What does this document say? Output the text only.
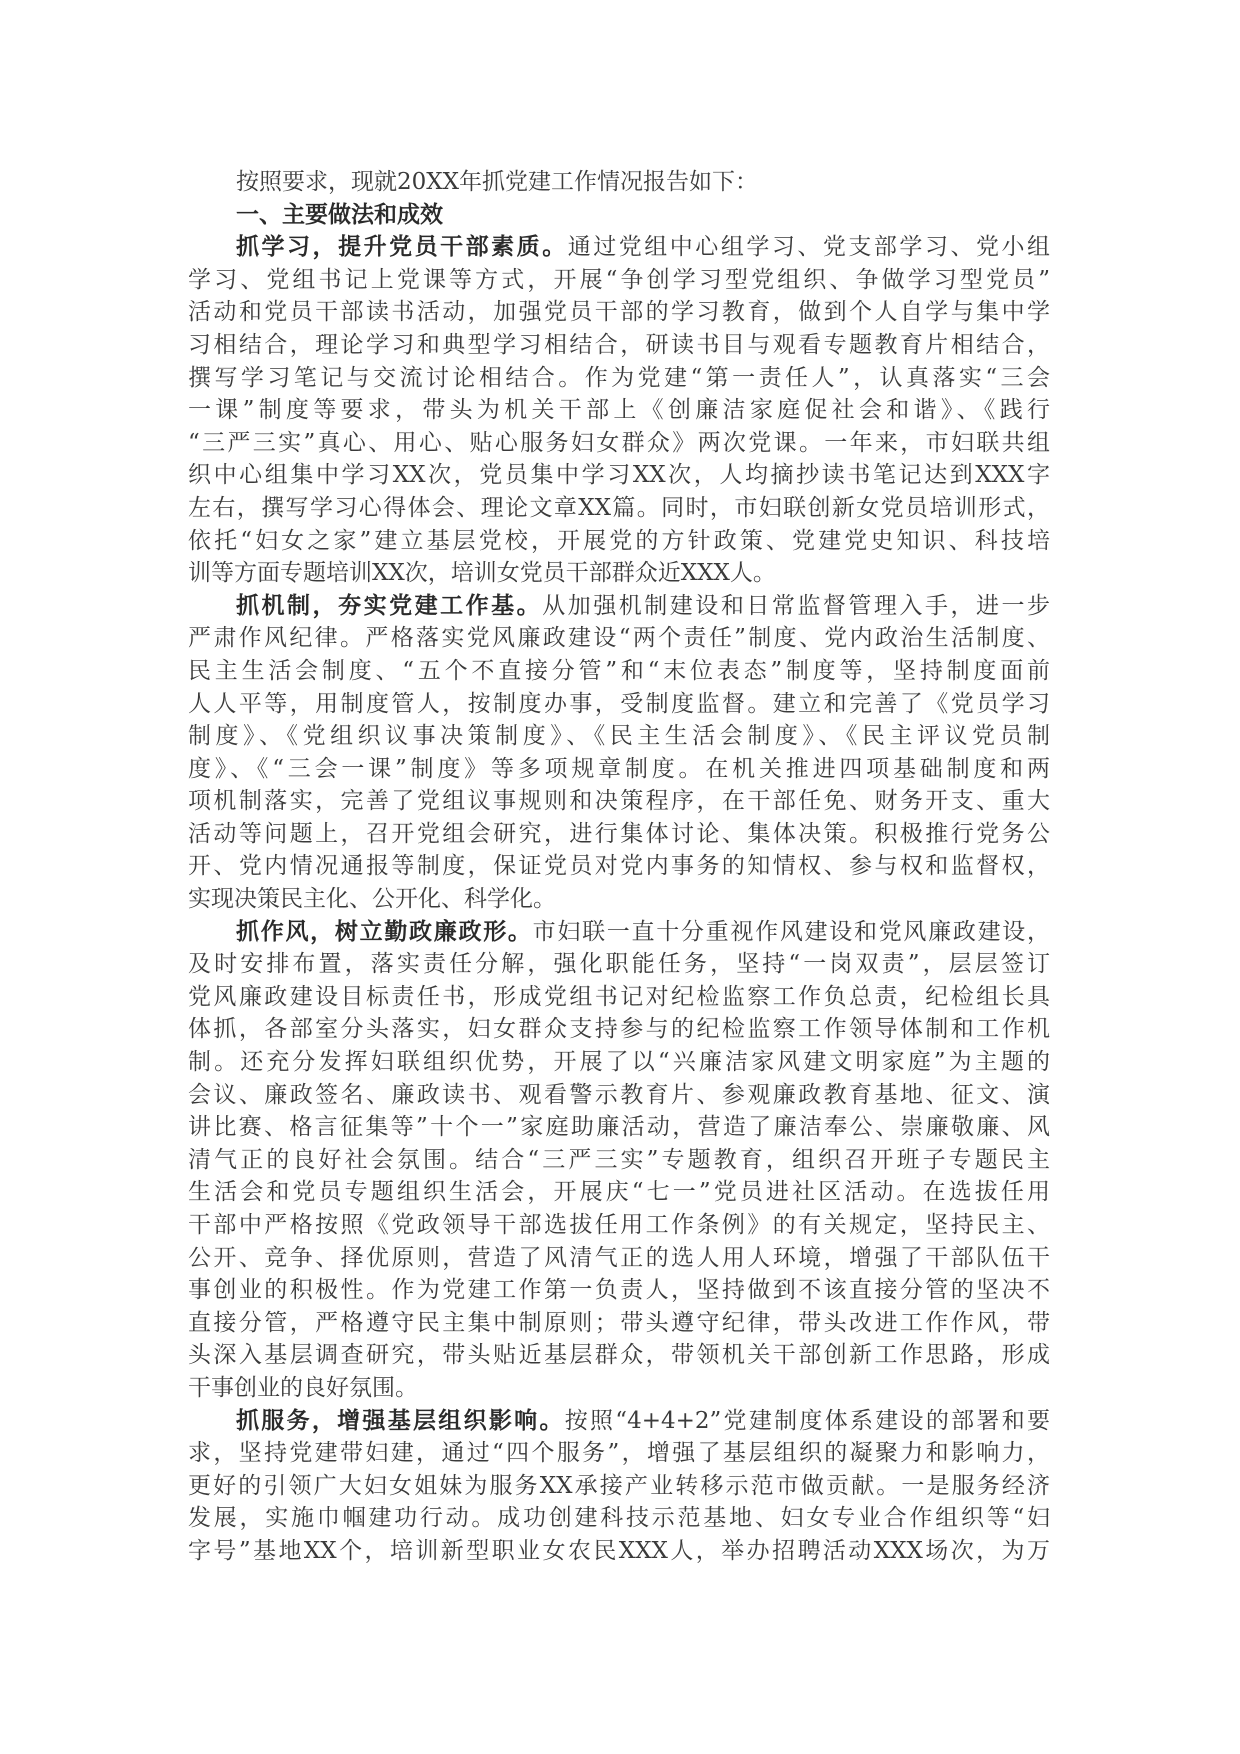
按照要求，现就20XX年抓党建工作情况报告如下：
一、主要做法和成效
抓学习，提升党员干部素质。通过党组中心组学习、党支部学习、党小组
学习、党组书记上党课等方式，开展“争创学习型党组织、争做学习型党员”
活动和党员干部读书活动，加强党员干部的学习教育，做到个人自学与集中学
习相结合，理论学习和典型学习相结合，研读书目与观看专题教育片相结合，
撰写学习笔记与交流讨论相结合。作为党建“第一责任人”，认真落实“三会
一课”制度等要求，带头为机关干部上《创廉洁家庭促社会和谐》、《践行
“三严三实”真心、用心、贴心服务妇女群众》两次党课。一年来，市妇联共组
织中心组集中学习XX次，党员集中学习XX次，人均摘抄读书笔记达到XXX字
左右，撰写学习心得体会、理论文章XX篇。同时，市妇联创新女党员培训形式，
依托“妇女之家”建立基层党校，开展党的方针政策、党建党史知识、科技培
训等方面专题培训XX次，培训女党员干部群众近XXX人。
抓机制，夯实党建工作基。从加强机制建设和日常监督管理入手，进一步
严肃作风纪律。严格落实党风廉政建设“两个责任”制度、党内政治生活制度、
民主生活会制度、“五个不直接分管”和“末位表态”制度等，坚持制度面前
人人平等，用制度管人，按制度办事，受制度监督。建立和完善了《党员学习
制度》、《党组织议事决策制度》、《民主生活会制度》、《民主评议党员制
度》、《“三会一课”制度》等多项规章制度。在机关推进四项基础制度和两
项机制落实，完善了党组议事规则和决策程序，在干部任免、财务开支、重大
活动等问题上，召开党组会研究，进行集体讨论、集体决策。积极推行党务公
开、党内情况通报等制度，保证党员对党内事务的知情权、参与权和监督权，
实现决策民主化、公开化、科学化。
抓作风，树立勤政廉政形。市妇联一直十分重视作风建设和党风廉政建设，
及时安排布置，落实责任分解，强化职能任务，坚持“一岗双责”，层层签订
党风廉政建设目标责任书，形成党组书记对纪检监察工作负总责，纪检组长具
体抓，各部室分头落实，妇女群众支持参与的纪检监察工作领导体制和工作机
制。还充分发挥妇联组织优势，开展了以“兴廉洁家风建文明家庭”为主题的
会议、廉政签名、廉政读书、观看警示教育片、参观廉政教育基地、征文、演
讲比赛、格言征集等”十个一”家庭助廉活动，营造了廉洁奉公、崇廉敬廉、风
清气正的良好社会氛围。结合“三严三实”专题教育，组织召开班子专题民主
生活会和党员专题组织生活会，开展庆“七一”党员进社区活动。在选拔任用
干部中严格按照《党政领导干部选拔任用工作条例》的有关规定，坚持民主、
公开、竞争、择优原则，营造了风清气正的选人用人环境，增强了干部队伍干
事创业的积极性。作为党建工作第一负责人，坚持做到不该直接分管的坚决不
直接分管，严格遵守民主集中制原则；带头遵守纪律，带头改进工作作风，带
头深入基层调查研究，带头贴近基层群众，带领机关干部创新工作思路，形成
干事创业的良好氛围。
抓服务，增强基层组织影响。按照“4+4+2”党建制度体系建设的部署和要
求，坚持党建带妇建，通过“四个服务”，增强了基层组织的凝聚力和影响力，
更好的引领广大妇女姐妹为服务XX承接产业转移示范市做贡献。一是服务经济
发展，实施巾帼建功行动。成功创建科技示范基地、妇女专业合作组织等“妇
字号”基地XX个，培训新型职业女农民XXX人，举办招聘活动XXX场次，为万
